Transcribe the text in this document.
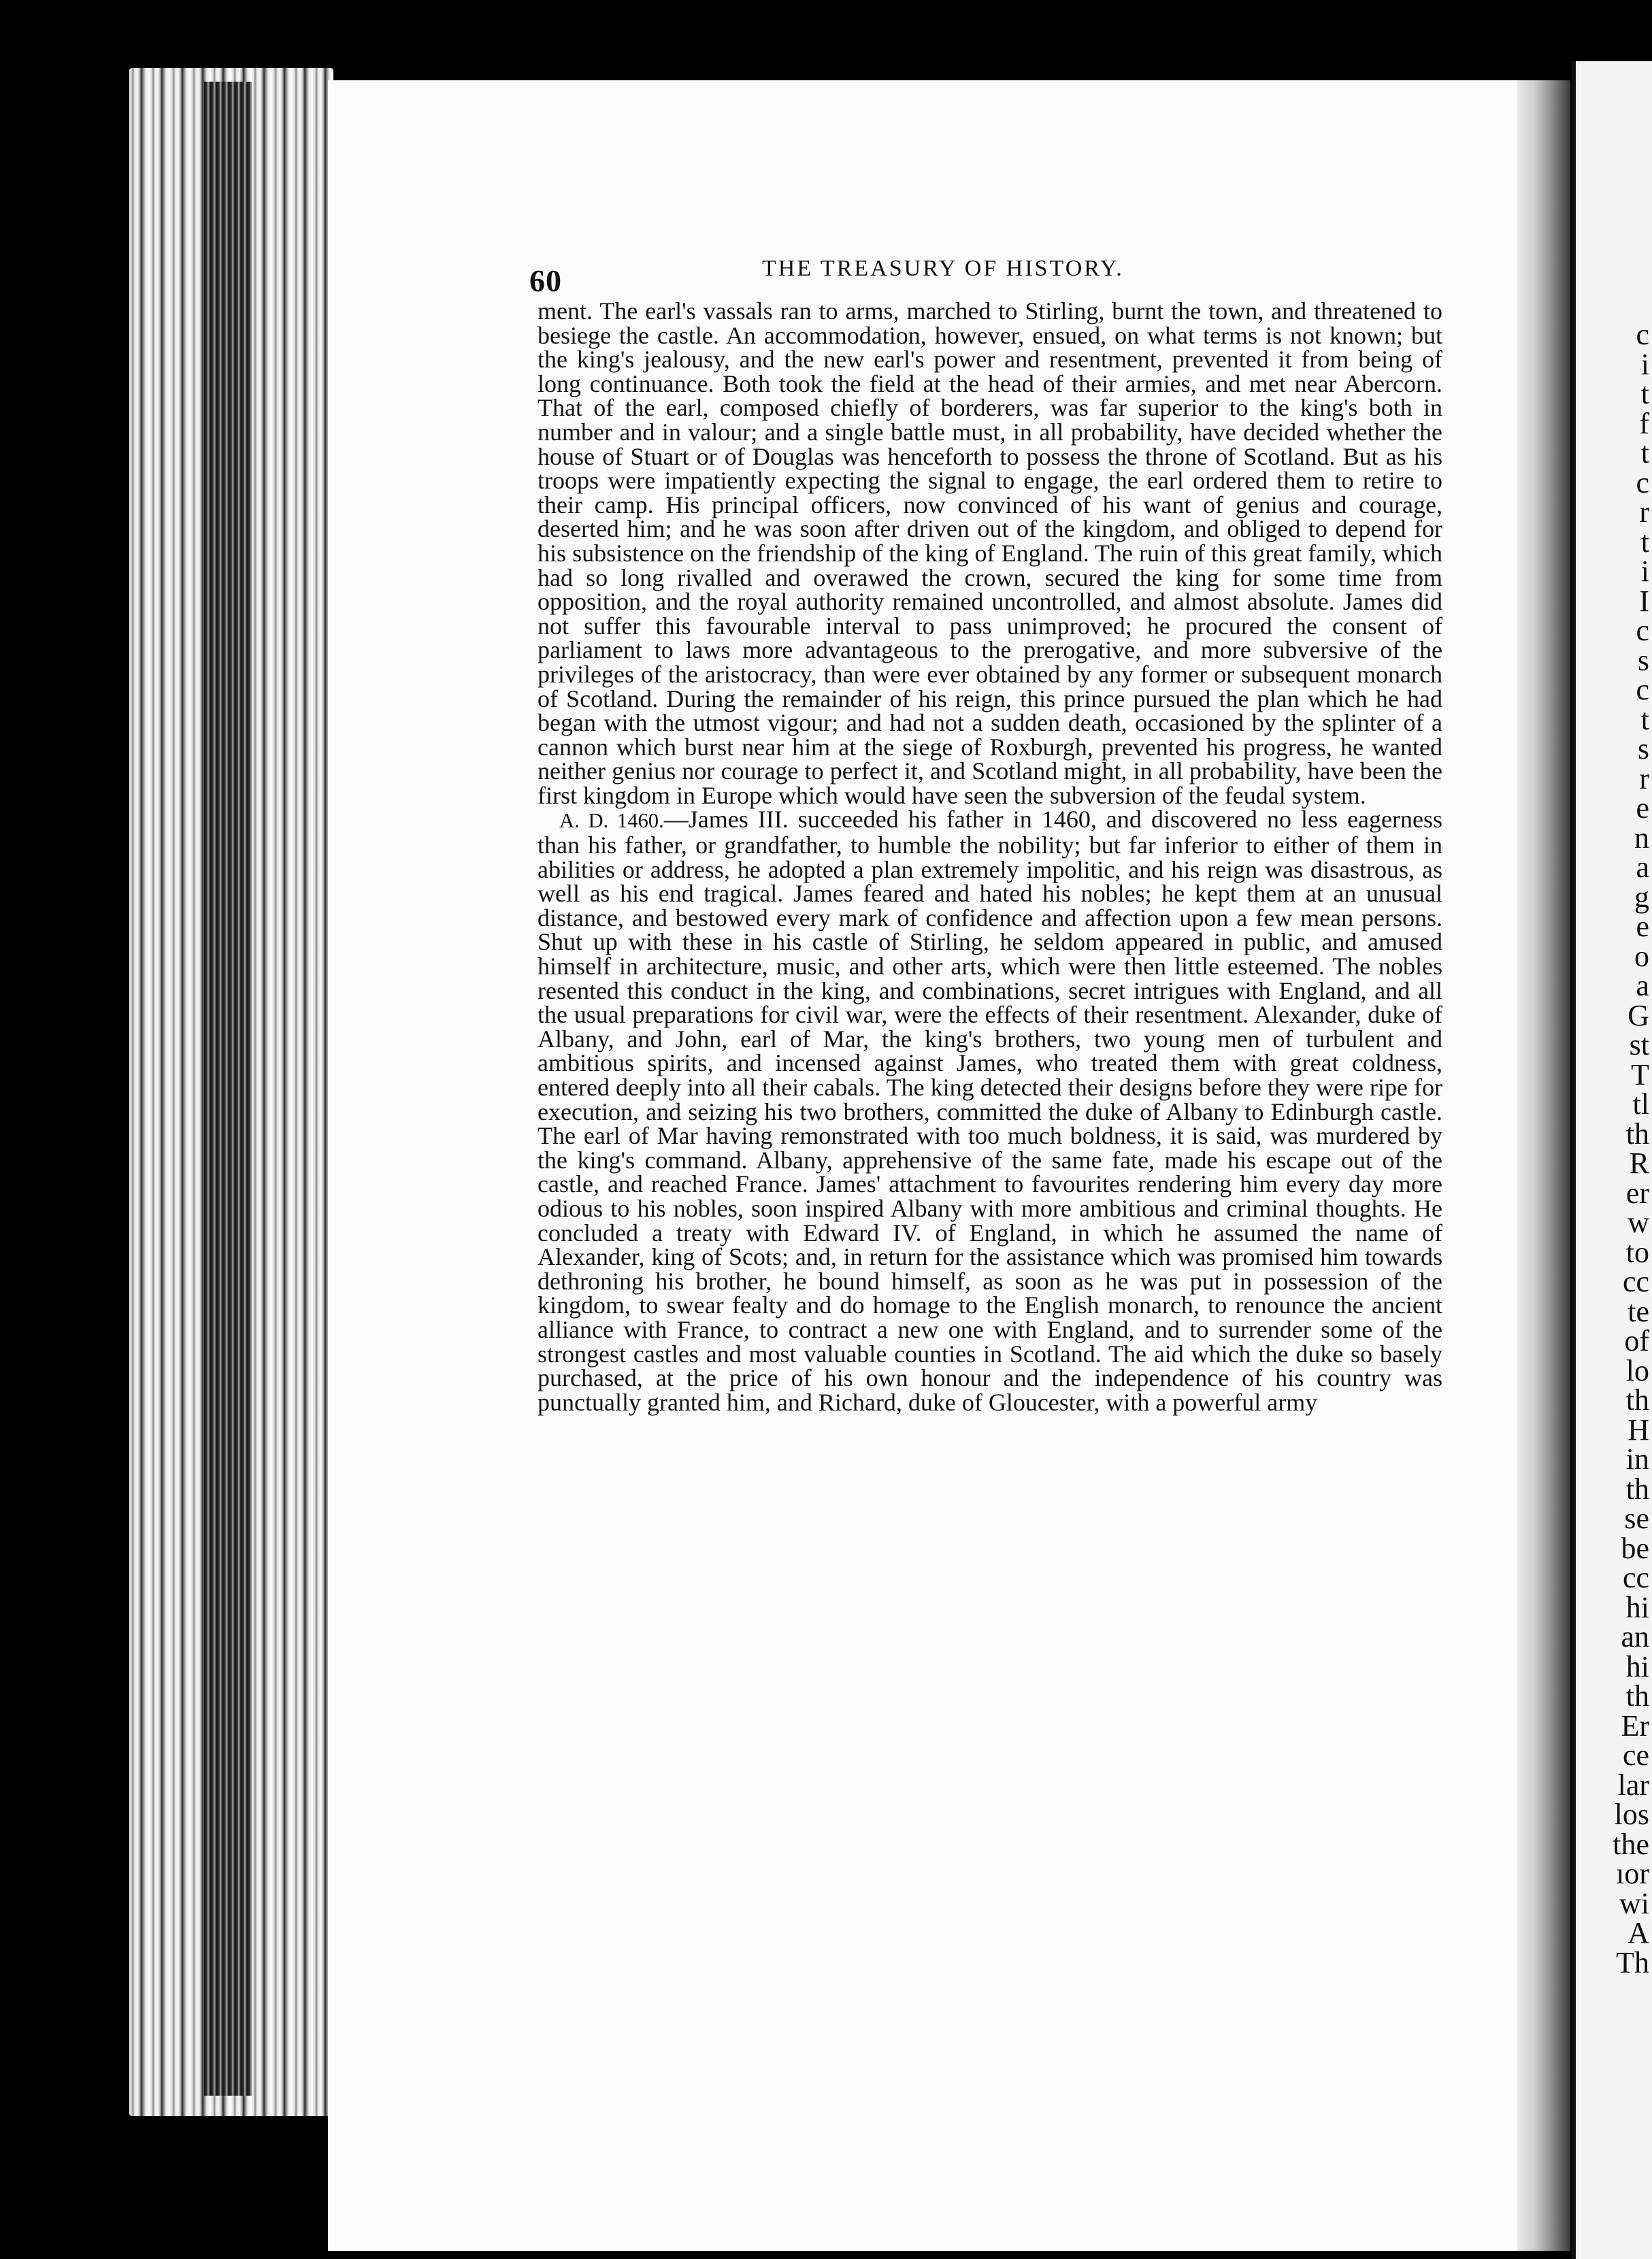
c
i
t
f
t
c
r
t
i
I
c
s
c
t
s
r
e
n
a
g
e
o
a
G
st
T
tl
th
R
er
w
to
cc
te
of
lo
th
H
in
th
se
be
cc
hi
an
hi
th
Er
ce
lar
los
the
ıor
wi
A
Th
60	THE TREASURY OF HISTORY.

ment. The earl's vassals ran to arms, marched to Stirling, burnt the town, and threatened to besiege the castle. An accommodation, however, ensued, on what terms is not known; but the king's jealousy, and the new earl's power and resentment, prevented it from being of long continuance. Both took the field at the head of their armies, and met near Abercorn. That of the earl, composed chiefly of borderers, was far superior to the king's both in number and in valour; and a single battle must, in all probability, have decided whether the house of Stuart or of Douglas was henceforth to possess the throne of Scotland. But as his troops were impatiently expecting the signal to engage, the earl ordered them to retire to their camp. His principal officers, now convinced of his want of genius and courage, deserted him; and he was soon after driven out of the kingdom, and obliged to depend for his subsistence on the friendship of the king of England. The ruin of this great family, which had so long rivalled and overawed the crown, secured the king for some time from opposition, and the royal authority remained uncontrolled, and almost absolute. James did not suffer this favourable interval to pass unimproved; he procured the consent of parliament to laws more advantageous to the prerogative, and more subversive of the privileges of the aristocracy, than were ever obtained by any former or subsequent monarch of Scotland. During the remainder of his reign, this prince pursued the plan which he had began with the utmost vigour; and had not a sudden death, occasioned by the splinter of a cannon which burst near him at the siege of Roxburgh, prevented his progress, he wanted neither genius nor courage to perfect it, and Scotland might, in all probability, have been the first kingdom in Europe which would have seen the subversion of the feudal system.

A. D. 1460.—James III. succeeded his father in 1460, and discovered no less eagerness than his father, or grandfather, to humble the nobility; but far inferior to either of them in abilities or address, he adopted a plan extremely impolitic, and his reign was disastrous, as well as his end tragical. James feared and hated his nobles; he kept them at an unusual distance, and bestowed every mark of confidence and affection upon a few mean persons. Shut up with these in his castle of Stirling, he seldom appeared in public, and amused himself in architecture, music, and other arts, which were then little esteemed. The nobles resented this conduct in the king, and combinations, secret intrigues with England, and all the usual preparations for civil war, were the effects of their resentment. Alexander, duke of Albany, and John, earl of Mar, the king's brothers, two young men of turbulent and ambitious spirits, and incensed against James, who treated them with great coldness, entered deeply into all their cabals. The king detected their designs before they were ripe for execution, and seizing his two brothers, committed the duke of Albany to Edinburgh castle. The earl of Mar having remonstrated with too much boldness, it is said, was murdered by the king's command. Albany, apprehensive of the same fate, made his escape out of the castle, and reached France. James' attachment to favourites rendering him every day more odious to his nobles, soon inspired Albany with more ambitious and criminal thoughts. He concluded a treaty with Edward IV. of England, in which he assumed the name of Alexander, king of Scots; and, in return for the assistance which was promised him towards dethroning his brother, he bound himself, as soon as he was put in possession of the kingdom, to swear fealty and do homage to the English monarch, to renounce the ancient alliance with France, to contract a new one with England, and to surrender some of the strongest castles and most valuable counties in Scotland. The aid which the duke so basely purchased, at the price of his own honour and the independence of his country was punctually granted him, and Richard, duke of Gloucester, with a powerful army
